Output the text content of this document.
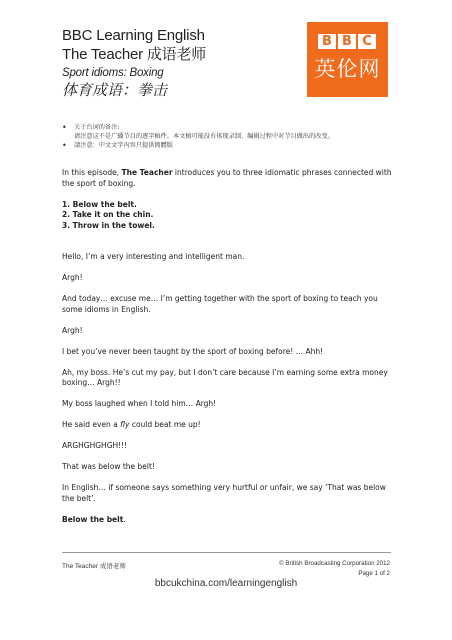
BBC Learning English
The Teacher 成语老师
Sport idioms: Boxing
体育成语：拳击
B B C
英伦网
• 关于台词的备注:
请注意这不是广播节目的逐字稿件。本文稿可能没有体现录制、编辑过程中对节目做出的改变。
• 請注意：中文文字內容只提供簡體版

In this episode, The Teacher introduces you to three idiomatic phrases connected with the sport of boxing.

1. Below the belt.
2. Take it on the chin.
3. Throw in the towel.

Hello, I’m a very interesting and intelligent man.

Argh!

And today… excuse me… I’m getting together with the sport of boxing to teach you some idioms in English.

Argh!

I bet you’ve never been taught by the sport of boxing before! … Ahh!

Ah, my boss. He’s cut my pay, but I don’t care because I’m earning some extra money boxing… Argh!!

My boss laughed when I told him… Argh!

He said even a fly could beat me up!

ARGHGHGHGH!!!

That was below the belt!

In English… if someone says something very hurtful or unfair, we say ‘That was below the belt’.

Below the belt.

The Teacher 成语老师	© British Broadcasting Corporation 2012
Page 1 of 2
bbcukchina.com/learningenglish
